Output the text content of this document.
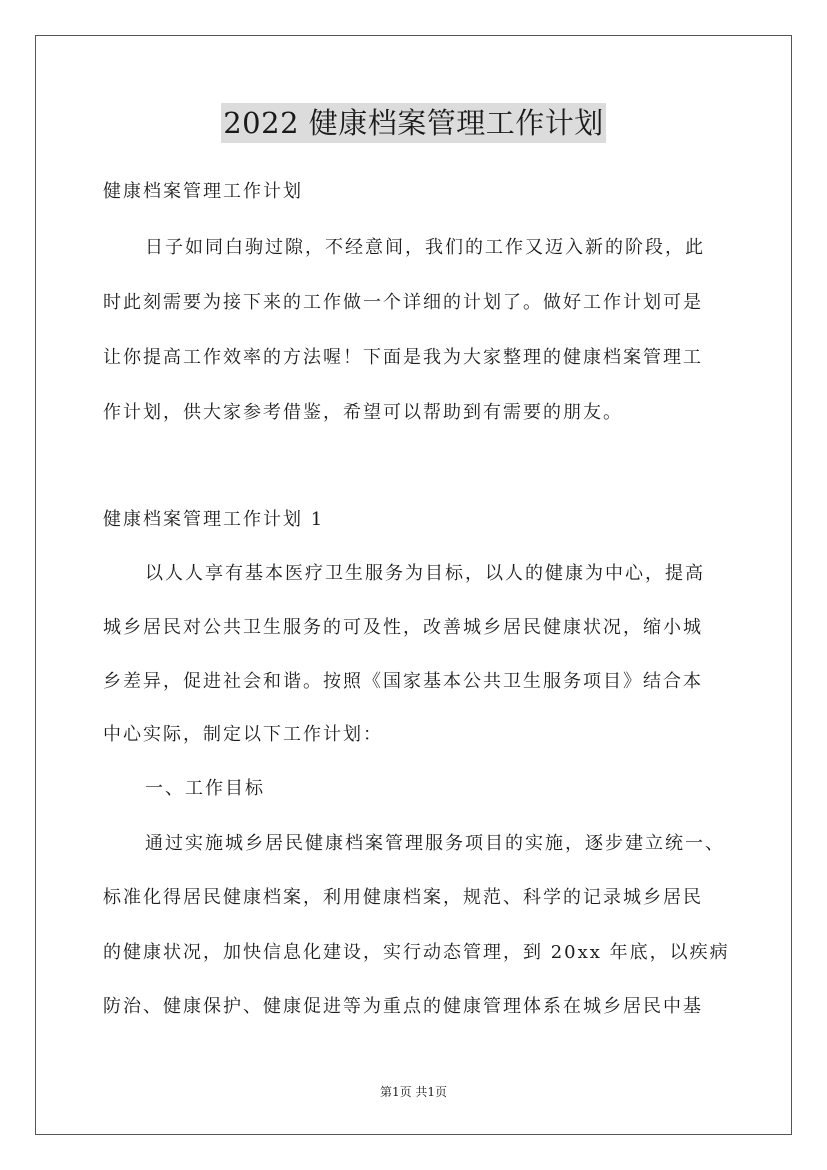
2022 健康档案管理工作计划
健康档案管理工作计划
日子如同白驹过隙，不经意间，我们的工作又迈入新的阶段，此
时此刻需要为接下来的工作做一个详细的计划了。做好工作计划可是
让你提高工作效率的方法喔！下面是我为大家整理的健康档案管理工
作计划，供大家参考借鉴，希望可以帮助到有需要的朋友。
健康档案管理工作计划 1
以人人享有基本医疗卫生服务为目标，以人的健康为中心，提高
城乡居民对公共卫生服务的可及性，改善城乡居民健康状况，缩小城
乡差异，促进社会和谐。按照《国家基本公共卫生服务项目》结合本
中心实际，制定以下工作计划：
一、工作目标
通过实施城乡居民健康档案管理服务项目的实施，逐步建立统一、
标准化得居民健康档案，利用健康档案，规范、科学的记录城乡居民
的健康状况，加快信息化建设，实行动态管理，到 20xx 年底，以疾病
防治、健康保护、健康促进等为重点的健康管理体系在城乡居民中基
第1页 共1页
